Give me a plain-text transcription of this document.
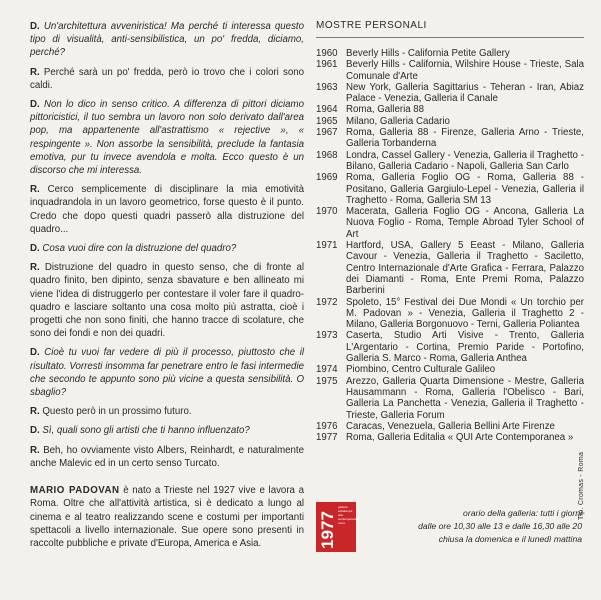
D. Un'architettura avveniristica! Ma perché ti interessa questo tipo di visualità, anti-sensibilistica, un po' fredda, diciamo, perché?

R. Perché sarà un po' fredda, però io trovo che i colori sono caldi.

D. Non lo dico in senso critico. A differenza di pittori diciamo pittoricistici, il tuo sembra un lavoro non solo derivato dall'area pop, ma appartenente all'astrattismo « rejective », « respingente ». Non assorbe la sensibilità, preclude la fantasia emotiva, pur tu invece avendola e molta. Ecco questo è un discorso che mi interessa.

R. Cerco semplicemente di disciplinare la mia emotività inquadrandola in un lavoro geometrico, forse questo è il punto. Credo che dopo questi quadri passerò alla distruzione del quadro...

D. Cosa vuoi dire con la distruzione del quadro?

R. Distruzione del quadro in questo senso, che di fronte al quadro finito, ben dipinto, senza sbavature e ben allineato mi viene l'idea di distruggerlo per contestare il voler fare il quadro-quadro e lasciare soltanto una cosa molto più astratta, cioè i progetti che non sono finiti, che hanno tracce di scolature, che sono dei fondi e non dei quadri.

D. Cioè tu vuoi far vedere di più il processo, piuttosto che il risultato. Vorresti insomma far penetrare entro le fasi intermedie che secondo te appunto sono più vicine a questa sensibilità. O sbaglio?

R. Questo però in un prossimo futuro.

D. Sì, quali sono gli artisti che ti hanno influenzato?

R. Beh, ho ovviamente visto Albers, Reinhardt, e naturalmente anche Malevic ed in un certo senso Turcato.

MARIO PADOVAN è nato a Trieste nel 1927 vive e lavora a Roma. Oltre che all'attività artistica, si è dedicato a lungo al cinema e al teatro realizzando scene e costumi per importanti spettacoli a livello internazionale. Sue opere sono presenti in raccolte pubbliche e private d'Europa, America e Asia.

MOSTRE PERSONALI
1960 Beverly Hills - California Petite Gallery
1961 Beverly Hills - California, Wilshire House - Trieste, Sala Comunale d'Arte
1963 New York, Galleria Sagittarius - Teheran - Iran, Abiaz Palace - Venezia, Galleria il Canale
1964 Roma, Galleria 88
1965 Milano, Galleria Cadario
1967 Roma, Galleria 88 - Firenze, Galleria Arno - Trieste, Galleria Torbanderna
1968 Londra, Cassel Gallery - Venezia, Galleria il Traghetto - Bilano, Galleria Cadario - Napoli, Galleria San Carlo
1969 Roma, Galleria Foglio OG - Roma, Galleria 88 - Positano, Galleria Gargiulo-Lepel - Venezia, Galleria il Traghetto - Roma, Galleria SM 13
1970 Macerata, Galleria Foglio OG - Ancona, Galleria La Nuova Foglio - Roma, Temple Abroad Tyler School of Art
1971 Hartford, USA, Gallery 5 Eeast - Milano, Galleria Cavour - Venezia, Galleria il Traghetto - Saciletto, Centro Internazionale d'Arte Grafica - Ferrara, Palazzo dei Diamanti - Roma, Ente Premi Roma, Palazzo Barberini
1972 Spoleto, 15° Festival dei Due Mondi « Un torchio per M. Padovan » - Venezia, Galleria il Traghetto 2 - Milano, Galleria Borgonuovo - Terni, Galleria Poliantea
1973 Caserta, Studio Arti Visive - Trento, Galleria L'Argentario - Cortina, Premio Paride - Portofino, Galleria S. Marco - Roma, Galleria Anthea
1974 Piombino, Centro Culturale Galileo
1975 Arezzo, Galleria Quarta Dimensione - Mestre, Galleria Hausammann - Roma, Galleria l'Obelisco - Bari, Galleria La Panchetta - Venezia, Galleria il Traghetto - Trieste, Galleria Forum
1976 Caracas, Venezuela, Galleria Bellini Arte Firenze
1977 Roma, Galleria Editalia « QUI Arte Contemporanea »
1977
galleria editalia qui arte contemporanea roma
orario della galleria: tutti i giorni
dalle ore 10,30 alle 13 e dalle 16,30 alle 20
chiusa la domenica e il lunedì mattina
Tip. Cromas - Roma
